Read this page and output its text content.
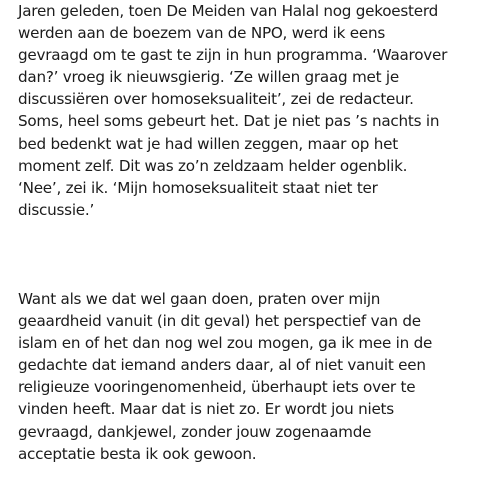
Jaren geleden, toen De Meiden van Halal nog gekoesterd
werden aan de boezem van de NPO, werd ik eens
gevraagd om te gast te zijn in hun programma. ‘Waarover
dan?’ vroeg ik nieuwsgierig. ‘Ze willen graag met je
discussiëren over homoseksualiteit’, zei de redacteur.
Soms, heel soms gebeurt het. Dat je niet pas ’s nachts in
bed bedenkt wat je had willen zeggen, maar op het
moment zelf. Dit was zo’n zeldzaam helder ogenblik.
‘Nee’, zei ik. ‘Mijn homoseksualiteit staat niet ter
discussie.’

Want als we dat wel gaan doen, praten over mijn
geaardheid vanuit (in dit geval) het perspectief van de
islam en of het dan nog wel zou mogen, ga ik mee in de
gedachte dat iemand anders daar, al of niet vanuit een
religieuze vooringenomenheid, überhaupt iets over te
vinden heeft. Maar dat is niet zo. Er wordt jou niets
gevraagd, dankjewel, zonder jouw zogenaamde
acceptatie besta ik ook gewoon.
